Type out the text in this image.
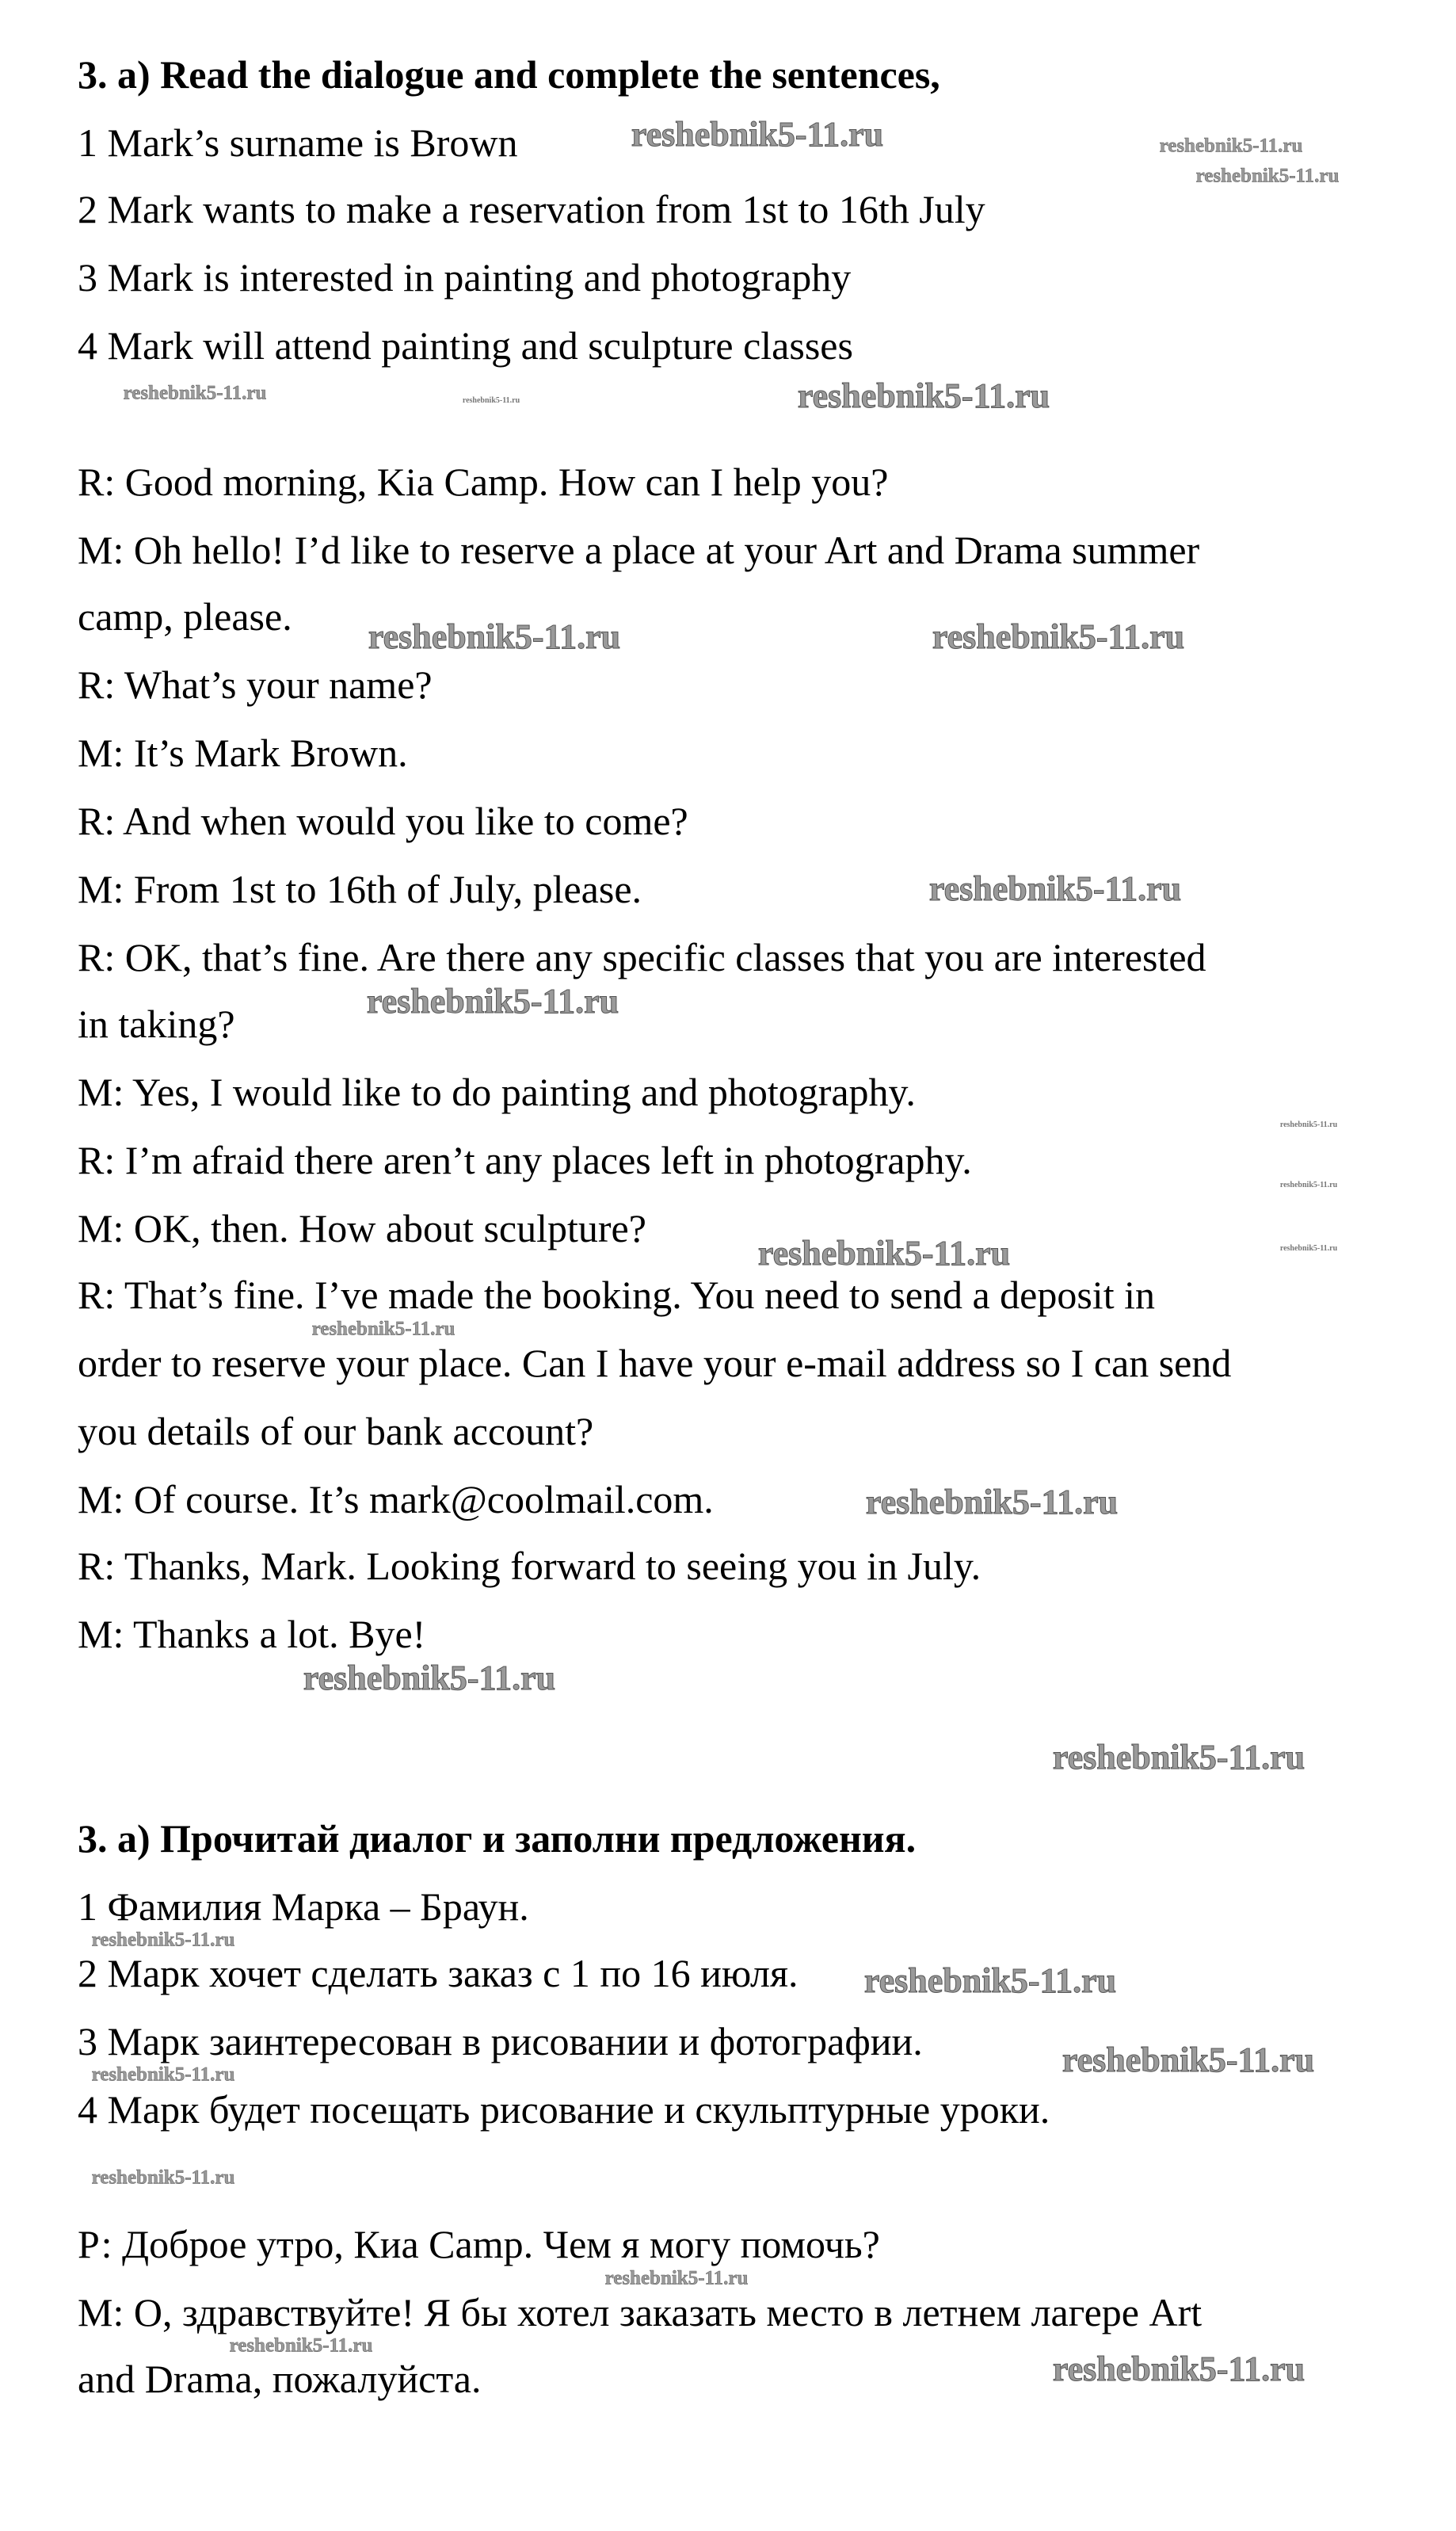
3. a) Read the dialogue and complete the sentences,
1 Mark’s surname is Brown
2 Mark wants to make a reservation from 1st to 16th July
3 Mark is interested in painting and photography
4 Mark will attend painting and sculpture classes
R: Good morning, Kia Camp. How can I help you?
M: Oh hello! I’d like to reserve a place at your Art and Drama summer
camp, please.
R: What’s your name?
M: It’s Mark Brown.
R: And when would you like to come?
M: From 1st to 16th of July, please.
R: OK, that’s fine. Are there any specific classes that you are interested
in taking?
M: Yes, I would like to do painting and photography.
R: I’m afraid there aren’t any places left in photography.
M: OK, then. How about sculpture?
R: That’s fine. I’ve made the booking. You need to send a deposit in
order to reserve your place. Can I have your e-mail address so I can send
you details of our bank account?
M: Of course. It’s mark@coolmail.com.
R: Thanks, Mark. Looking forward to seeing you in July.
M: Thanks a lot. Bye!
3. а) Прочитай диалог и заполни предложения.
1 Фамилия Марка – Браун.
2 Марк хочет сделать заказ с 1 по 16 июля.
3 Марк заинтересован в рисовании и фотографии.
4 Марк будет посещать рисование и скульптурные уроки.
Р: Доброе утро, Киа Camp. Чем я могу помочь?
М: О, здравствуйте! Я бы хотел заказать место в летнем лагере Art
and Drama, пожалуйста.
reshebnik5-11.ru
reshebnik5-11.ru
reshebnik5-11.ru	reshebnik5-11.ru
reshebnik5-11.ru
reshebnik5-11.ru
reshebnik5-11.ru
reshebnik5-11.ru
reshebnik5-11.ru
reshebnik5-11.ru
reshebnik5-11.ru
reshebnik5-11.ru
reshebnik5-11.ru
reshebnik5-11.ru
reshebnik5-11.ru
reshebnik5-11.ru
reshebnik5-11.ru
reshebnik5-11.ru
reshebnik5-11.ru
reshebnik5-11.ru
reshebnik5-11.ru
reshebnik5-11.ru
reshebnik5-11.ru
reshebnik5-11.ru
reshebnik5-11.ru
reshebnik5-11.ru
